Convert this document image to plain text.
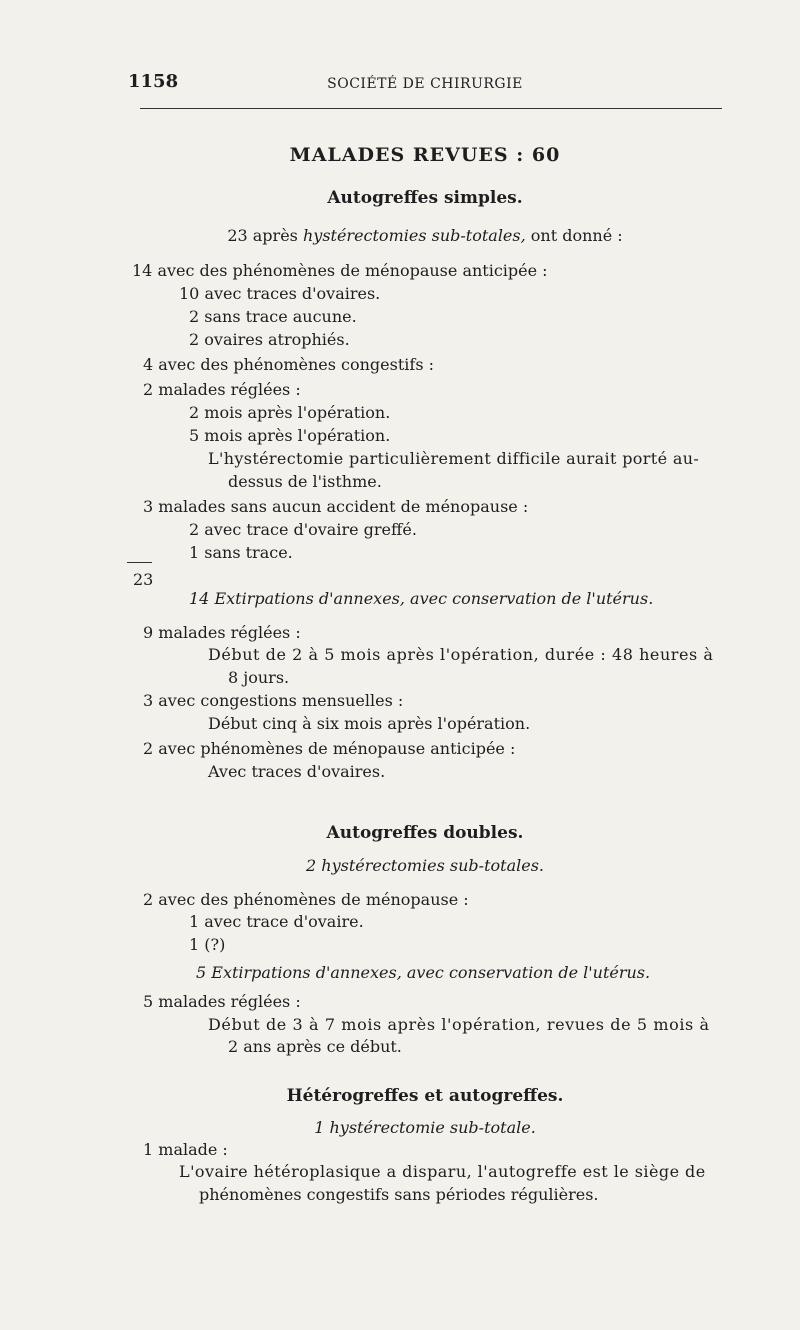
1158	SOCIÉTÉ DE CHIRURGIE
MALADES REVUES : 60
Autogreffes simples.
23 après hystérectomies sub-totales, ont donné :
14 avec des phénomènes de ménopause anticipée :
10 avec traces d'ovaires.
2 sans trace aucune.
2 ovaires atrophiés.
4 avec des phénomènes congestifs :
2 malades réglées :
2 mois après l'opération.
5 mois après l'opération.
L'hystérectomie particulièrement difficile aurait porté au-
dessus de l'isthme.
3 malades sans aucun accident de ménopause :
2 avec trace d'ovaire greffé.
1 sans trace.
23
14 Extirpations d'annexes, avec conservation de l'utérus.
9 malades réglées :
Début de 2 à 5 mois après l'opération, durée : 48 heures à
8 jours.
3 avec congestions mensuelles :
Début cinq à six mois après l'opération.
2 avec phénomènes de ménopause anticipée :
Avec traces d'ovaires.
Autogreffes doubles.
2 hystérectomies sub-totales.
2 avec des phénomènes de ménopause :
1 avec trace d'ovaire.
1 (?)
5 Extirpations d'annexes, avec conservation de l'utérus.
5 malades réglées :
Début de 3 à 7 mois après l'opération, revues de 5 mois à
2 ans après ce début.
Hétérogreffes et autogreffes.
1 hystérectomie sub-totale.
1 malade :
L'ovaire hétéroplasique a disparu, l'autogreffe est le siège de
phénomènes congestifs sans périodes régulières.
